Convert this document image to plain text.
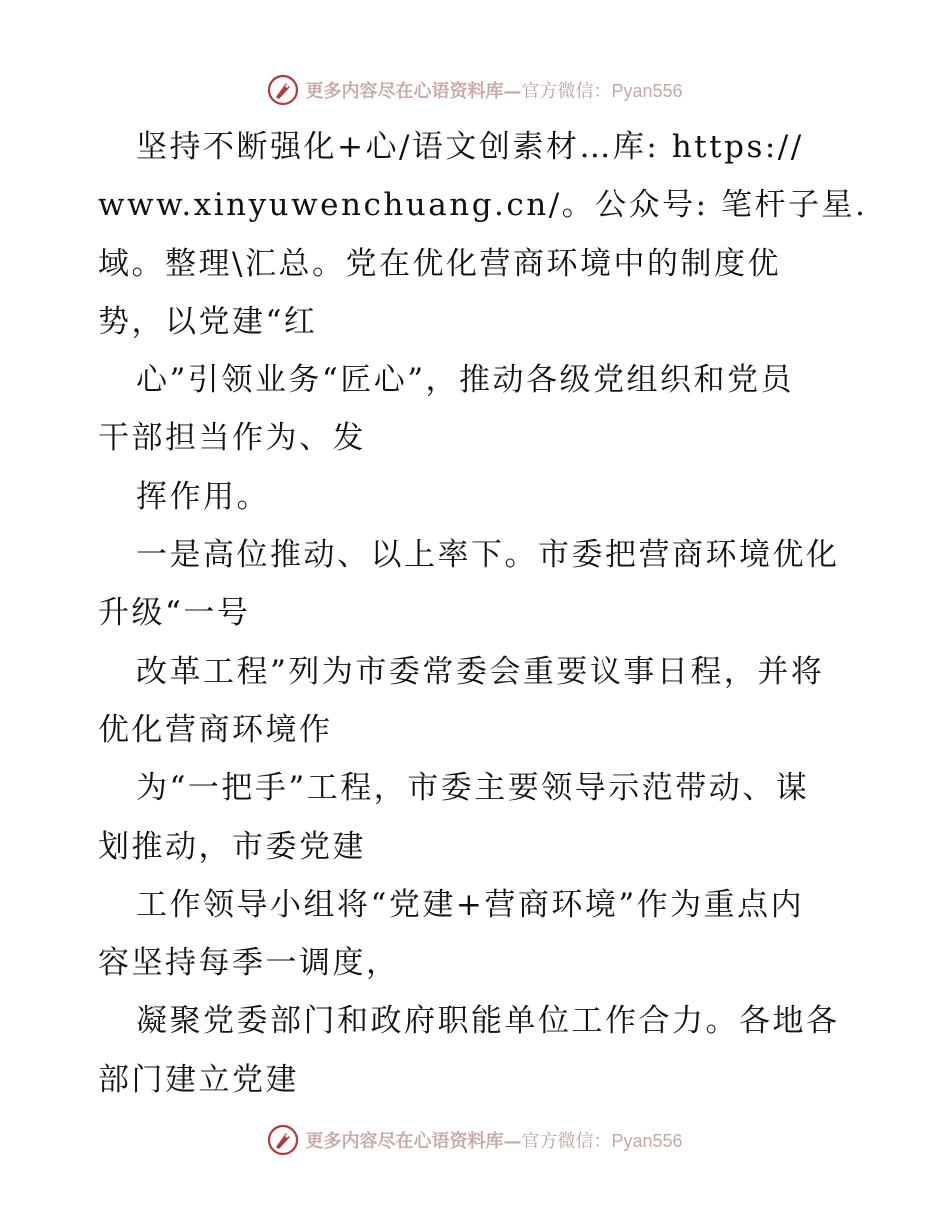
更多内容尽在心语资料库—官方微信：Pyan556
坚持不断强化+心/语文创素材…库: https://
www.xinyuwenchuang.cn/。公众号: 笔杆子星.
域。整理\汇总。党在优化营商环境中的制度优
势，以党建“红
心”引领业务“匠心”，推动各级党组织和党员
干部担当作为、发
挥作用。
一是高位推动、以上率下。市委把营商环境优化
升级“一号
改革工程”列为市委常委会重要议事日程，并将
优化营商环境作
为“一把手”工程，市委主要领导示范带动、谋
划推动，市委党建
工作领导小组将“党建+营商环境”作为重点内
容坚持每季一调度，
凝聚党委部门和政府职能单位工作合力。各地各
部门建立党建
更多内容尽在心语资料库—官方微信：Pyan556
